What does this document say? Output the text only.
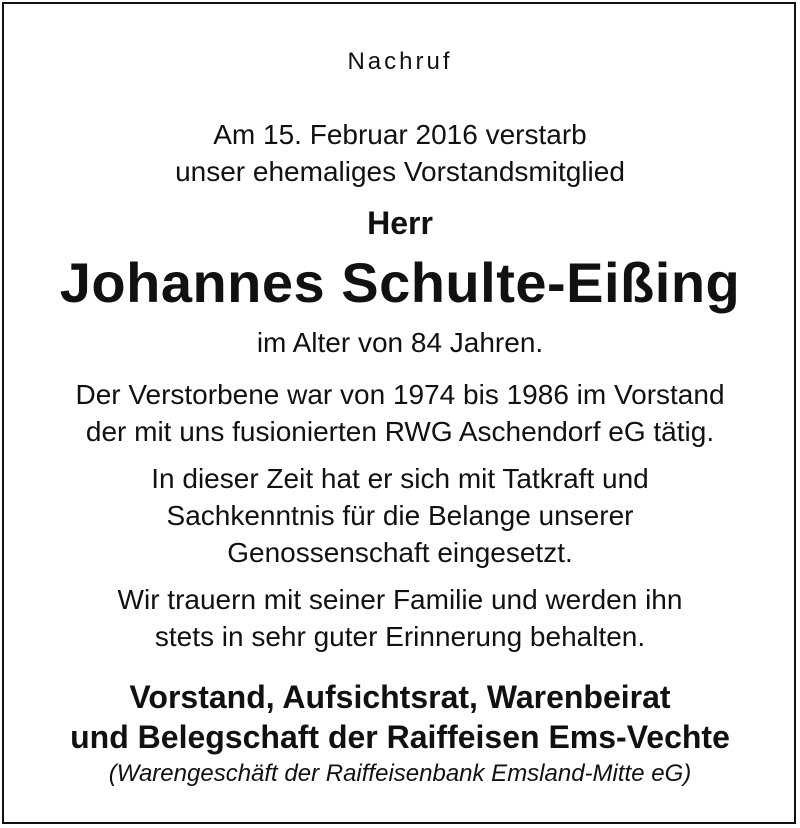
Nachruf
Am 15. Februar 2016 verstarb
unser ehemaliges Vorstandsmitglied
Herr
Johannes Schulte-Eißing
im Alter von 84 Jahren.
Der Verstorbene war von 1974 bis 1986 im Vorstand
der mit uns fusionierten RWG Aschendorf eG tätig.
In dieser Zeit hat er sich mit Tatkraft und
Sachkenntnis für die Belange unserer
Genossenschaft eingesetzt.
Wir trauern mit seiner Familie und werden ihn
stets in sehr guter Erinnerung behalten.
Vorstand, Aufsichtsrat, Warenbeirat
und Belegschaft der Raiffeisen Ems-Vechte
(Warengeschäft der Raiffeisenbank Emsland-Mitte eG)
